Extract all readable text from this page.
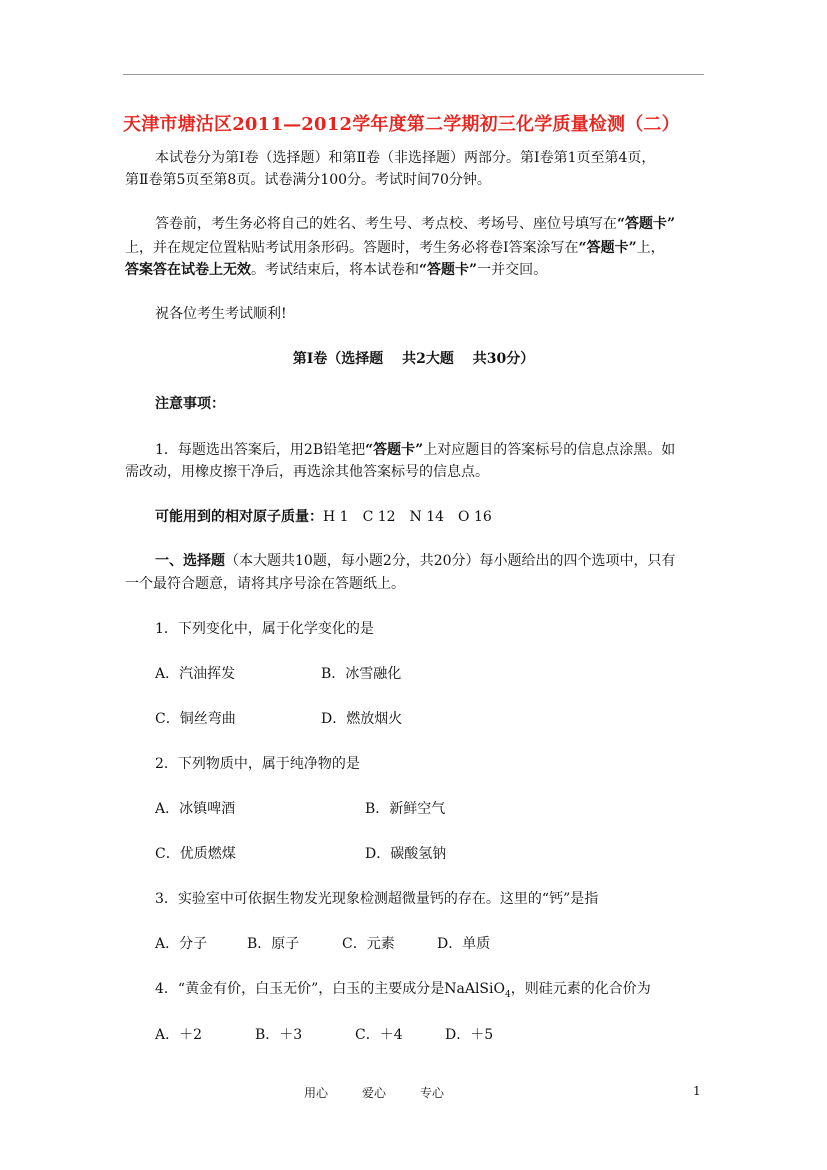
天津市塘沽区2011—2012学年度第二学期初三化学质量检测（二）
本试卷分为第Ⅰ卷（选择题）和第Ⅱ卷（非选择题）两部分。第Ⅰ卷第1页至第4页，
第Ⅱ卷第5页至第8页。试卷满分100分。考试时间70分钟。
答卷前，考生务必将自己的姓名、考生号、考点校、考场号、座位号填写在“答题卡”
上，并在规定位置粘贴考试用条形码。答题时，考生务必将卷Ⅰ答案涂写在“答题卡”上，
答案答在试卷上无效。考试结束后，将本试卷和“答题卡”一并交回。
祝各位考生考试顺利!
第Ⅰ卷（选择题　 共2大题 　共30分）
注意事项：
1．每题选出答案后，用2B铅笔把“答题卡”上对应题目的答案标号的信息点涂黑。如
需改动，用橡皮擦干净后，再选涂其他答案标号的信息点。
可能用到的相对原子质量：H 1　C 12　N 14　O 16
一、选择题（本大题共10题，每小题2分，共20分）每小题给出的四个选项中，只有
一个最符合题意，请将其序号涂在答题纸上。
1．下列变化中，属于化学变化的是
A．汽油挥发	B．冰雪融化
C．铜丝弯曲	D．燃放烟火
2．下列物质中，属于纯净物的是
A．冰镇啤酒	B．新鲜空气
C．优质燃煤	D．碳酸氢钠
3．实验室中可依据生物发光现象检测超微量钙的存在。这里的“钙”是指
A．分子	B．原子	C．元素	D．单质
4．“黄金有价，白玉无价”，白玉的主要成分是NaAlSiO$_4$，则硅元素的化合价为
A．＋2	B．＋3	C．＋4	D．＋5
用心	爱心	专心	1
